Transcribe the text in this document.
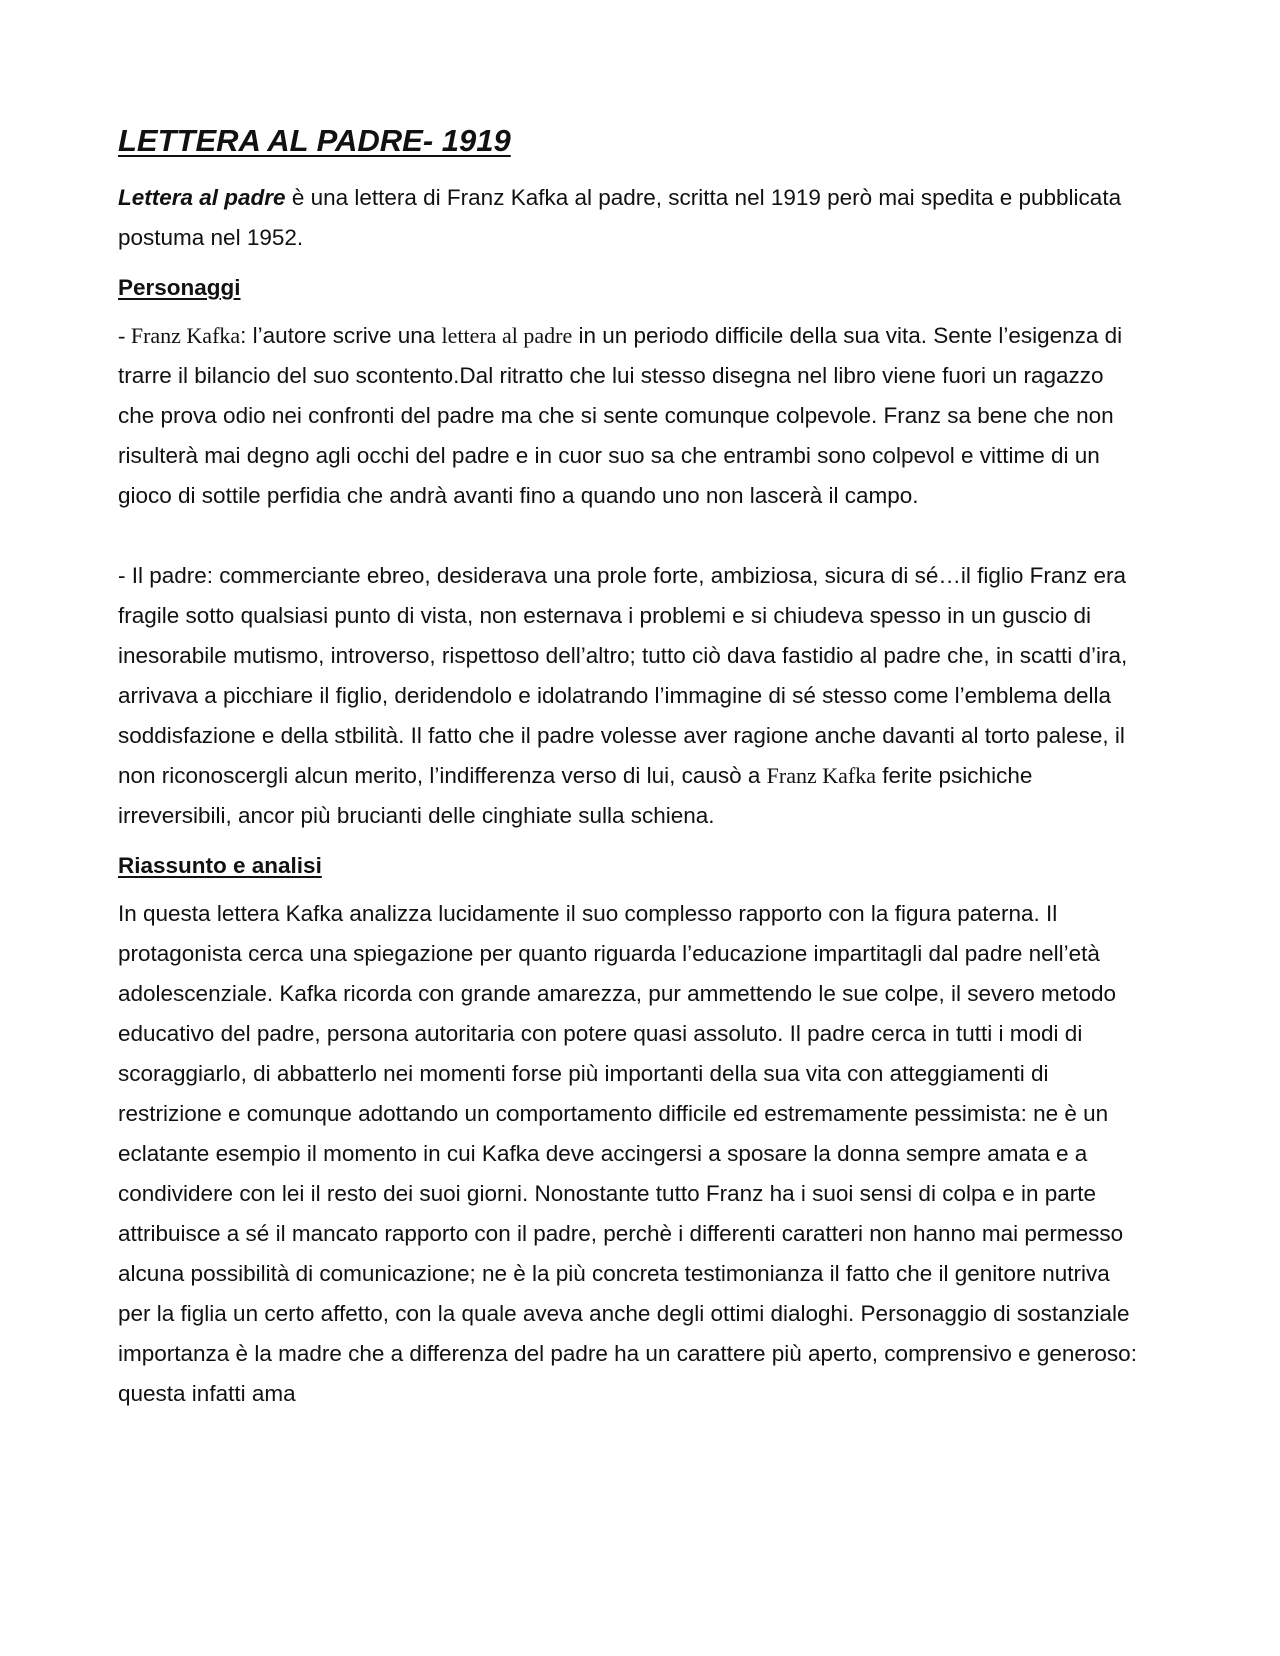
LETTERA AL PADRE- 1919

Lettera al padre è una lettera di Franz Kafka al padre, scritta nel 1919 però mai spedita e pubblicata postuma nel 1952.

Personaggi

- Franz Kafka: l’autore scrive una lettera al padre in un periodo difficile della sua vita. Sente l’esigenza di trarre il bilancio del suo scontento.Dal ritratto che lui stesso disegna nel libro viene fuori un ragazzo che prova odio nei confronti del padre ma che si sente comunque colpevole. Franz sa bene che non risulterà mai degno agli occhi del padre e in cuor suo sa che entrambi sono colpevol e vittime di un gioco di sottile perfidia che andrà avanti fino a quando uno non lascerà il campo.

- Il padre: commerciante ebreo, desiderava una prole forte, ambiziosa, sicura di sé…il figlio Franz era fragile sotto qualsiasi punto di vista, non esternava i problemi e si chiudeva spesso in un guscio di inesorabile mutismo, introverso, rispettoso dell’altro; tutto ciò dava fastidio al padre che, in scatti d’ira, arrivava a picchiare il figlio, deridendolo e idolatrando l’immagine di sé stesso come l’emblema della soddisfazione e della stbilità. Il fatto che il padre volesse aver ragione anche davanti al torto palese, il non riconoscergli alcun merito, l’indifferenza verso di lui, causò a Franz Kafka ferite psichiche irreversibili, ancor più brucianti delle cinghiate sulla schiena.

Riassunto e analisi

In questa lettera Kafka analizza lucidamente il suo complesso rapporto con la figura paterna. Il protagonista cerca una spiegazione per quanto riguarda l’educazione impartitagli dal padre nell’età adolescenziale. Kafka ricorda con grande amarezza, pur ammettendo le sue colpe, il severo metodo educativo del padre, persona autoritaria con potere quasi assoluto. Il padre cerca in tutti i modi di scoraggiarlo, di abbatterlo nei momenti forse più importanti della sua vita con atteggiamenti di restrizione e comunque adottando un comportamento difficile ed estremamente pessimista: ne è un eclatante esempio il momento in cui Kafka deve accingersi a sposare la donna sempre amata e a condividere con lei il resto dei suoi giorni. Nonostante tutto Franz ha i suoi sensi di colpa e in parte attribuisce a sé il mancato rapporto con il padre, perchè i differenti caratteri non hanno mai permesso alcuna possibilità di comunicazione; ne è la più concreta testimonianza il fatto che il genitore nutriva per la figlia un certo affetto, con la quale aveva anche degli ottimi dialoghi. Personaggio di sostanziale importanza è la madre che a differenza del padre ha un carattere più aperto, comprensivo e generoso: questa infatti ama
